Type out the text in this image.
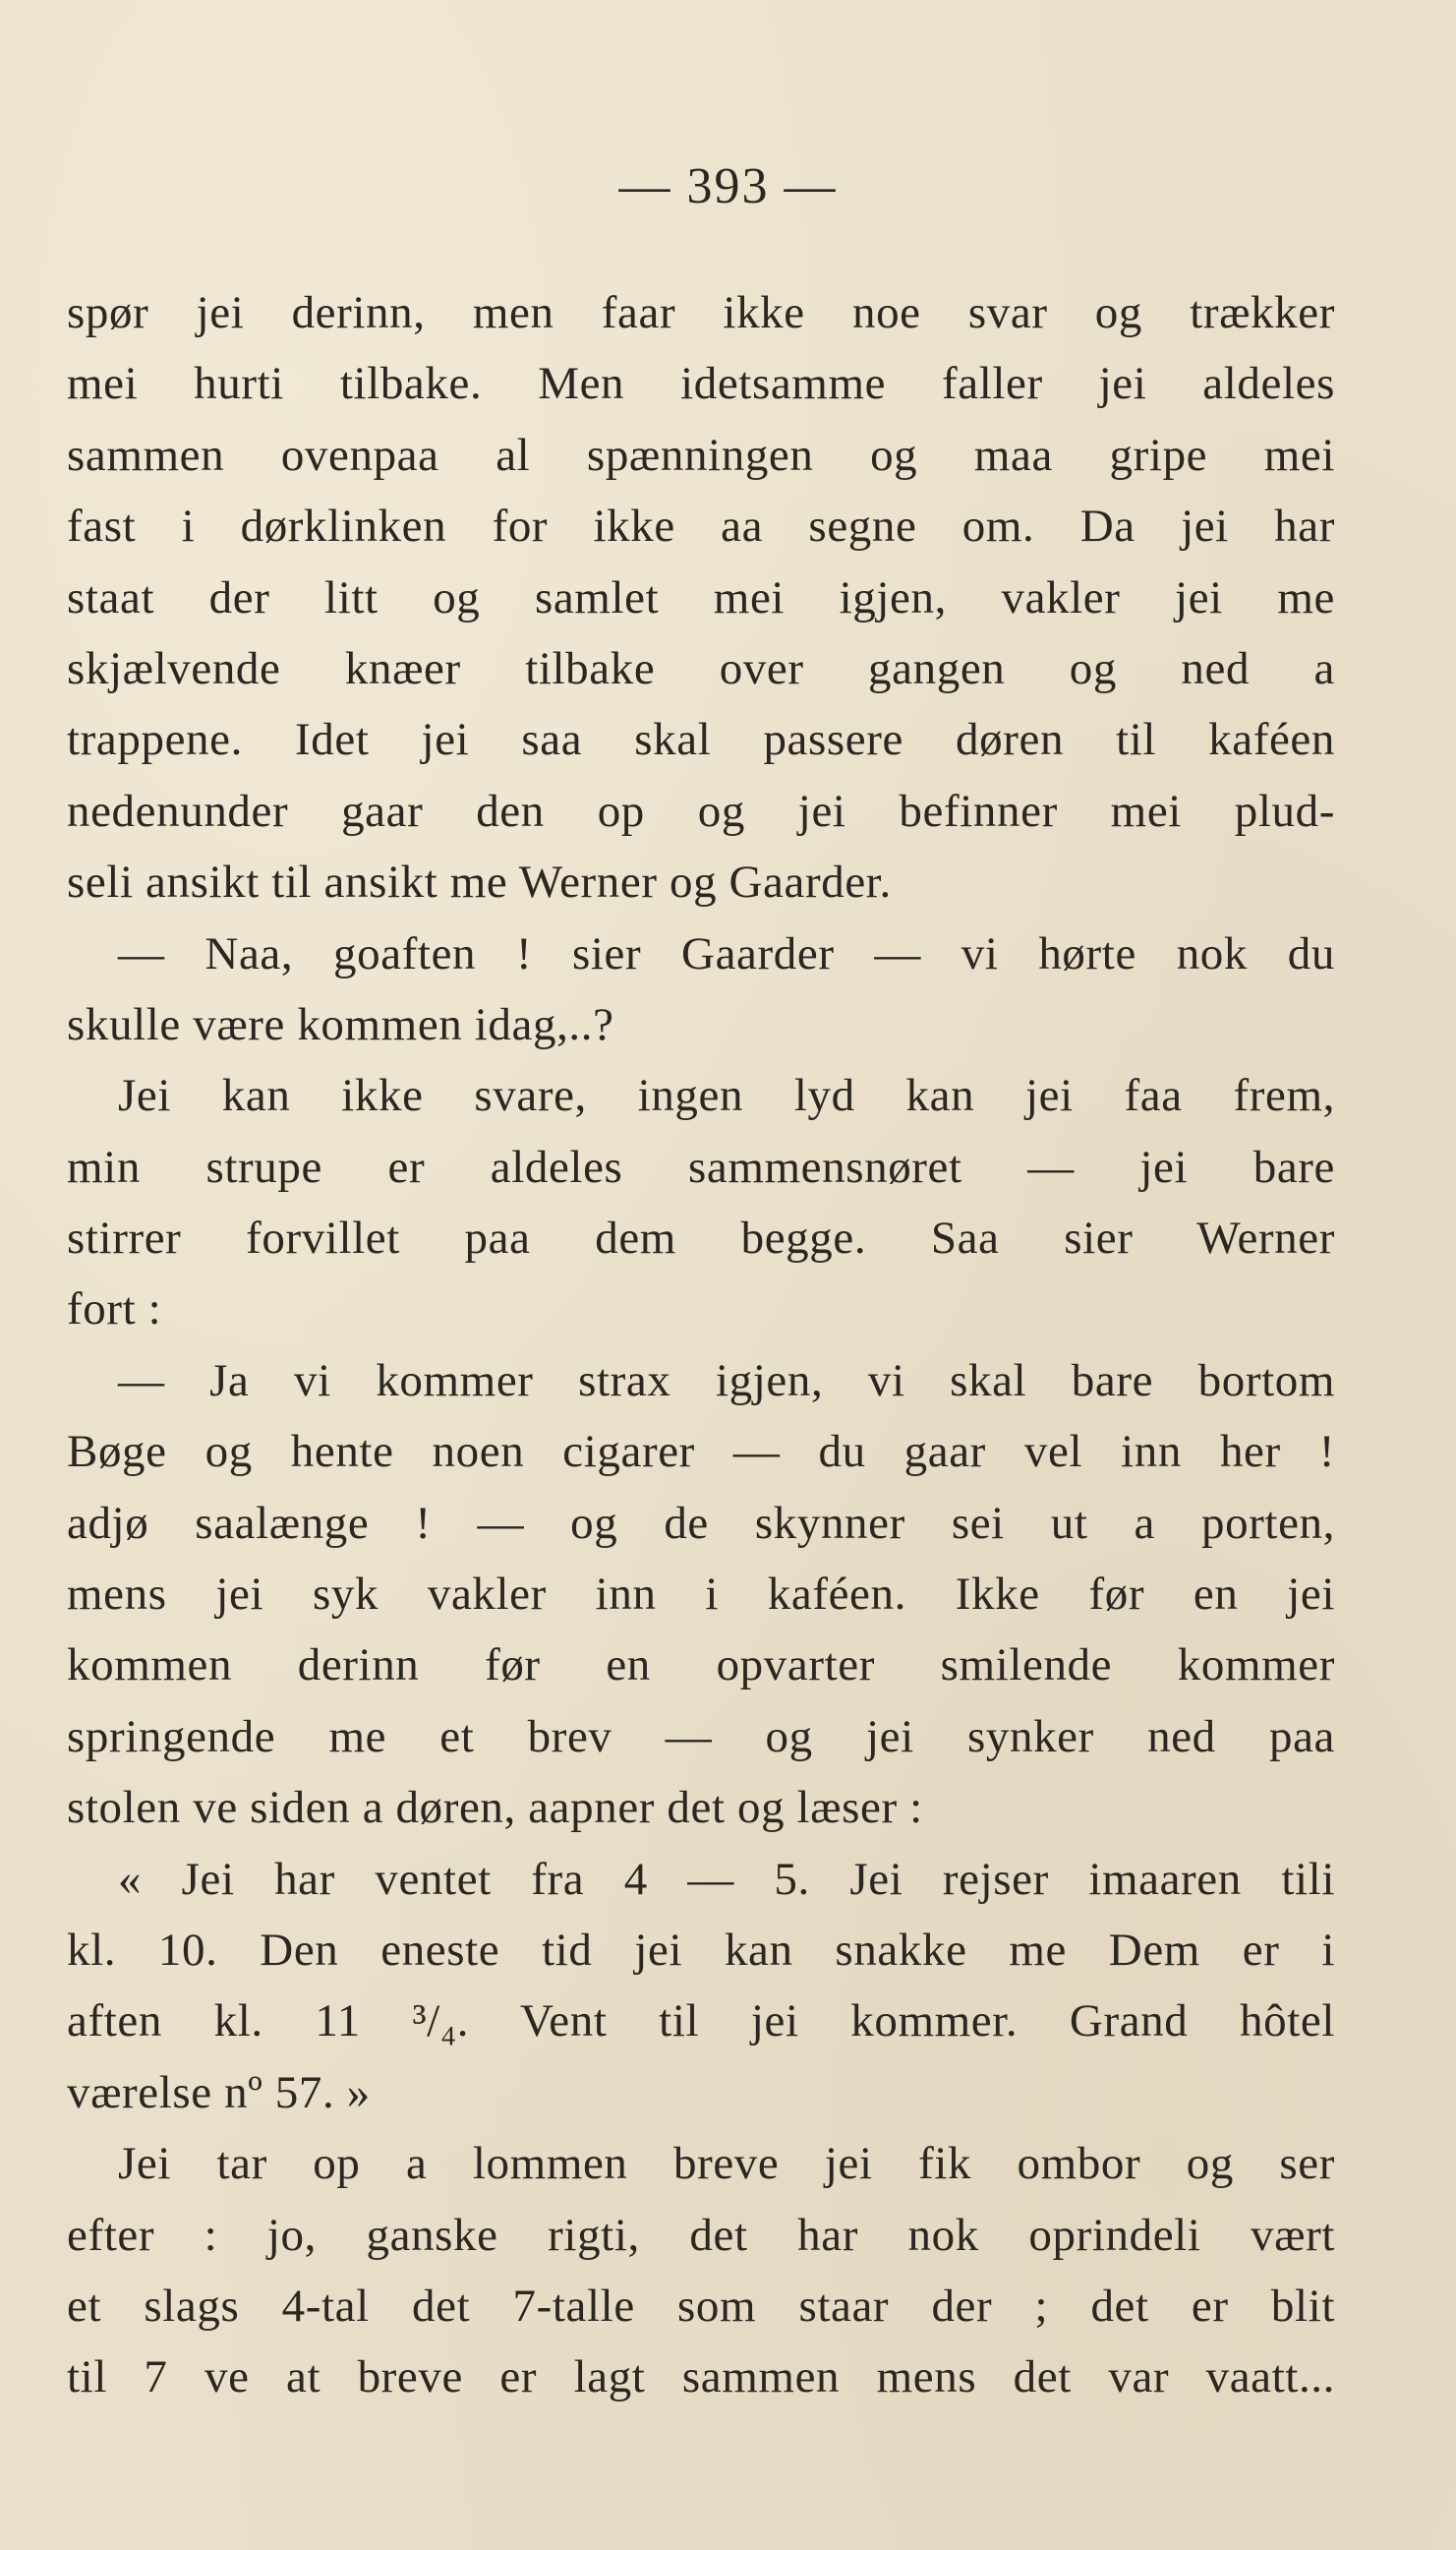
— 393 —
spør jei derinn, men faar ikke noe svar og trækker
mei hurti tilbake. Men idetsamme faller jei aldeles
sammen ovenpaa al spænningen og maa gripe mei
fast i dørklinken for ikke aa segne om. Da jei har
staat der litt og samlet mei igjen, vakler jei me
skjælvende knæer tilbake over gangen og ned a
trappene. Idet jei saa skal passere døren til kaféen
nedenunder gaar den op og jei befinner mei plud-
seli ansikt til ansikt me Werner og Gaarder.
— Naa, goaften ! sier Gaarder — vi hørte nok du
skulle være kommen idag,..?
Jei kan ikke svare, ingen lyd kan jei faa frem,
min strupe er aldeles sammensnøret — jei bare
stirrer forvillet paa dem begge. Saa sier Werner
fort :
— Ja vi kommer strax igjen, vi skal bare bortom
Bøge og hente noen cigarer — du gaar vel inn her !
adjø saalænge ! — og de skynner sei ut a porten,
mens jei syk vakler inn i kaféen. Ikke før en jei
kommen derinn før en opvarter smilende kommer
springende me et brev — og jei synker ned paa
stolen ve siden a døren, aapner det og læser :
« Jei har ventet fra 4 — 5. Jei rejser imaaren tili
kl. 10. Den eneste tid jei kan snakke me Dem er i
aften kl. 11 ³/₄. Vent til jei kommer. Grand hôtel
værelse nº 57. »
Jei tar op a lommen breve jei fik ombor og ser
efter : jo, ganske rigti, det har nok oprindeli vært
et slags 4-tal det 7-talle som staar der ; det er blit
til 7 ve at breve er lagt sammen mens det var vaatt...
